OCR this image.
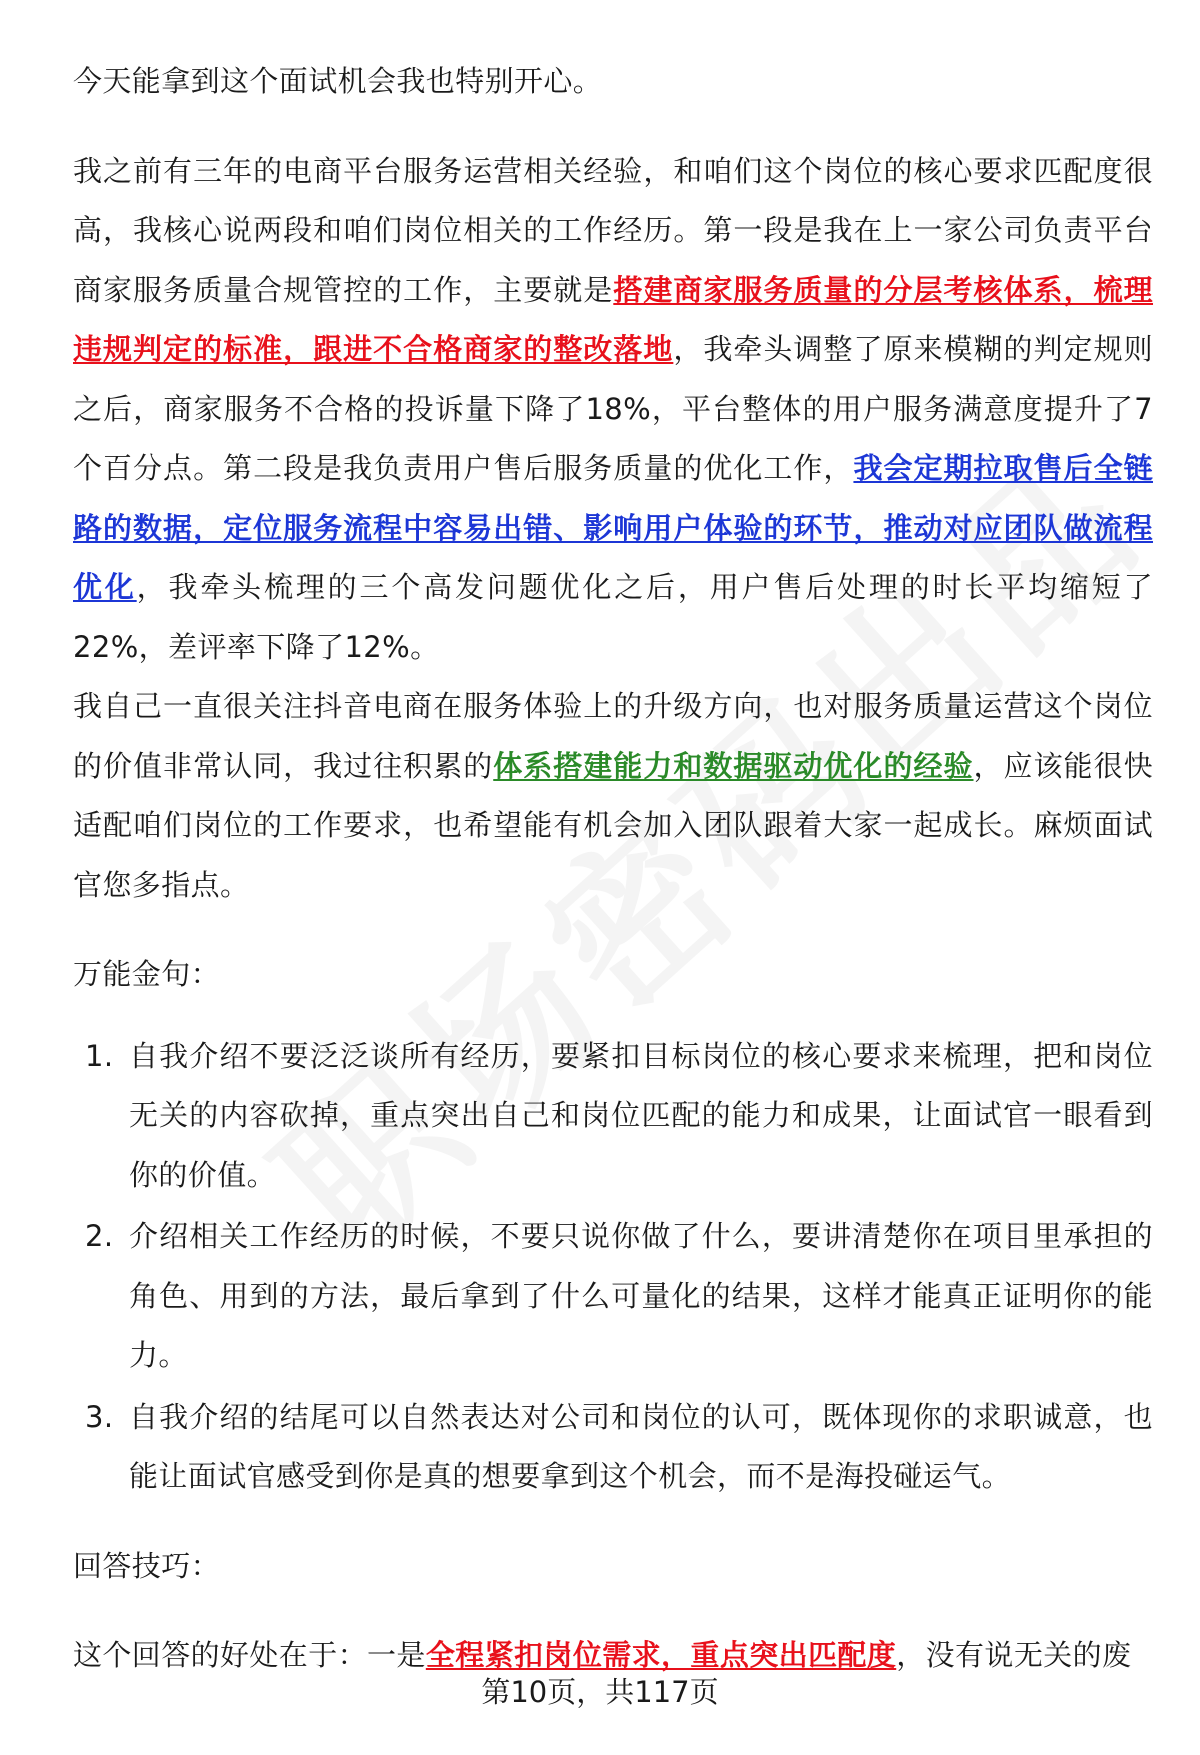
今天能拿到这个面试机会我也特别开心。

我之前有三年的电商平台服务运营相关经验，和咱们这个岗位的核心要求匹配度很高，我核心说两段和咱们岗位相关的工作经历。第一段是我在上一家公司负责平台商家服务质量合规管控的工作，主要就是搭建商家服务质量的分层考核体系，梳理违规判定的标准，跟进不合格商家的整改落地，我牵头调整了原来模糊的判定规则之后，商家服务不合格的投诉量下降了18%，平台整体的用户服务满意度提升了7个百分点。第二段是我负责用户售后服务质量的优化工作，我会定期拉取售后全链路的数据，定位服务流程中容易出错、影响用户体验的环节，推动对应团队做流程优化，我牵头梳理的三个高发问题优化之后，用户售后处理的时长平均缩短了22%，差评率下降了12%。

我自己一直很关注抖音电商在服务体验上的升级方向，也对服务质量运营这个岗位的价值非常认同，我过往积累的体系搭建能力和数据驱动优化的经验，应该能很快适配咱们岗位的工作要求，也希望能有机会加入团队跟着大家一起成长。麻烦面试官您多指点。

万能金句：

1. 自我介绍不要泛泛谈所有经历，要紧扣目标岗位的核心要求来梳理，把和岗位无关的内容砍掉，重点突出自己和岗位匹配的能力和成果，让面试官一眼看到你的价值。
2. 介绍相关工作经历的时候，不要只说你做了什么，要讲清楚你在项目里承担的角色、用到的方法，最后拿到了什么可量化的结果，这样才能真正证明你的能力。
3. 自我介绍的结尾可以自然表达对公司和岗位的认可，既体现你的求职诚意，也能让面试官感受到你是真的想要拿到这个机会，而不是海投碰运气。

回答技巧：

这个回答的好处在于：一是全程紧扣岗位需求，重点突出匹配度，没有说无关的废

第10页，共117页
